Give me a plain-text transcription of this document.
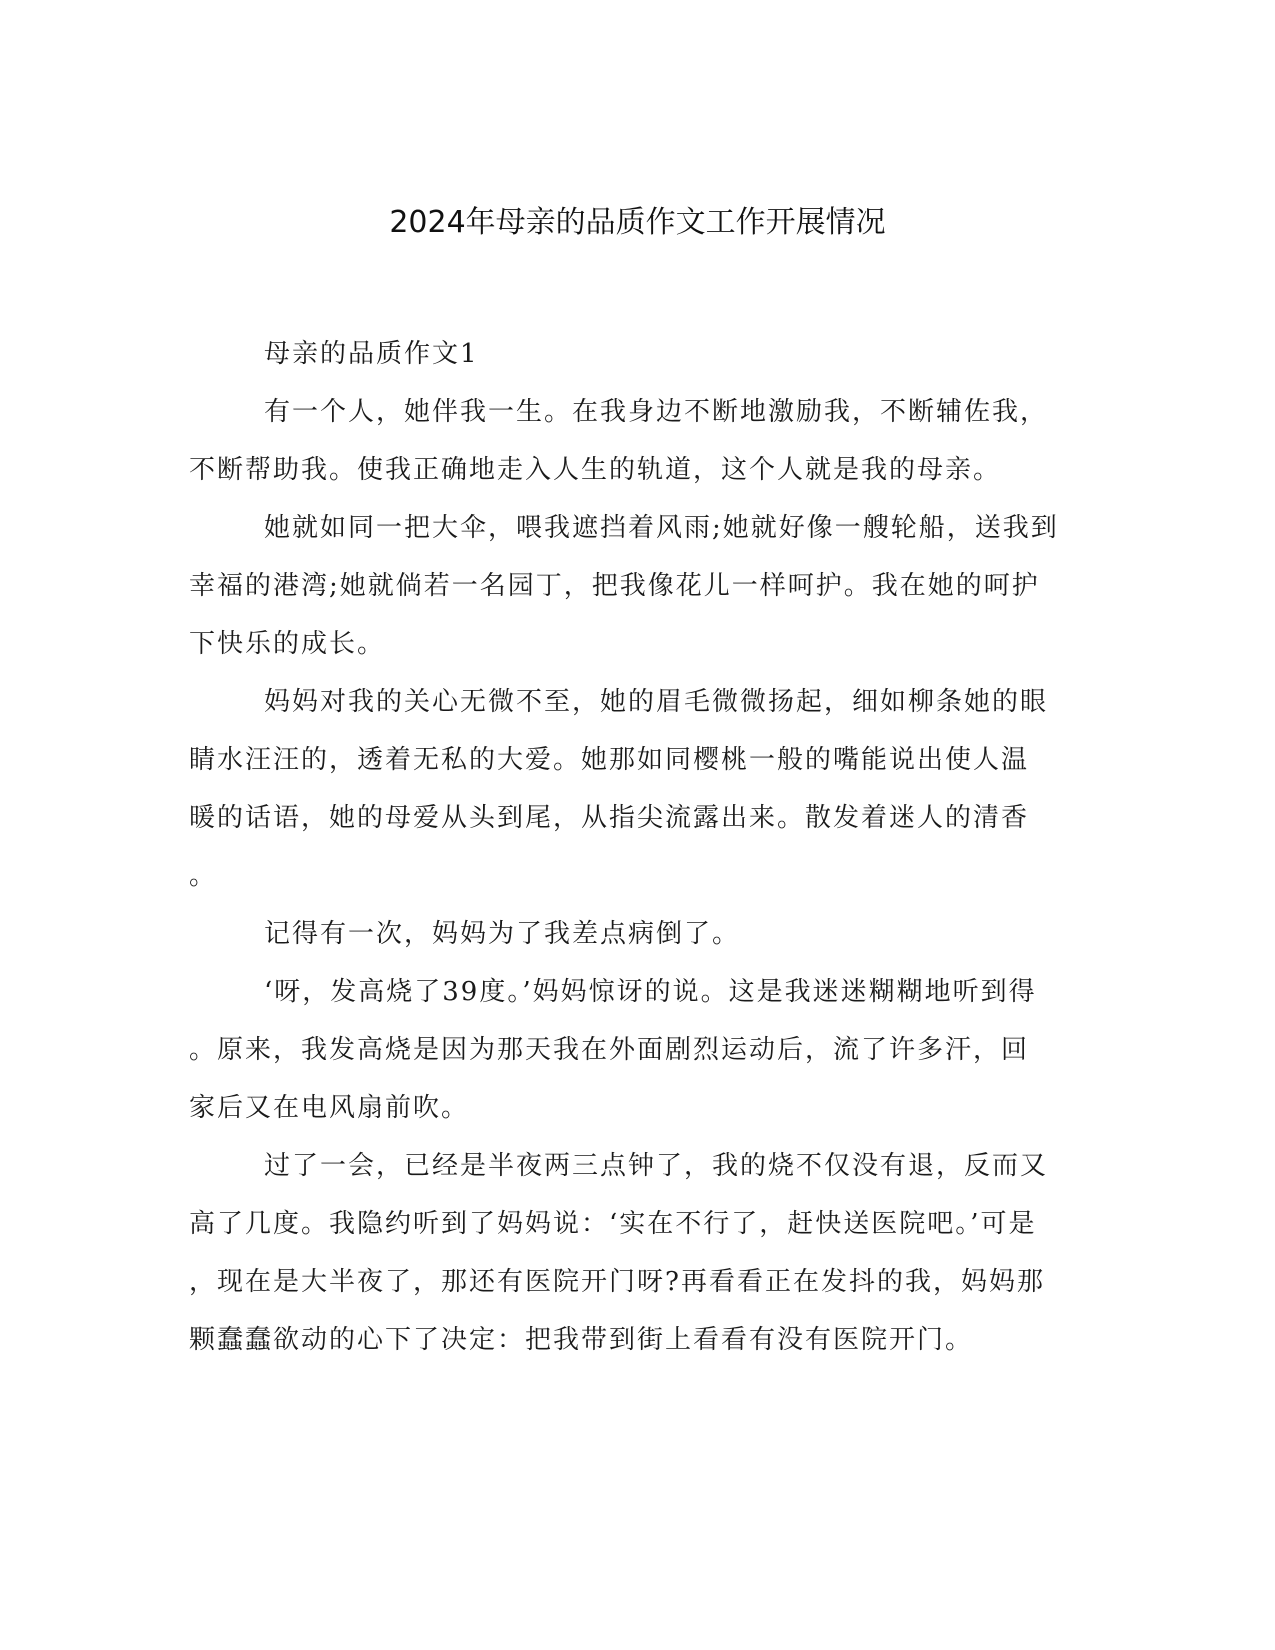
2024年母亲的品质作文工作开展情况
母亲的品质作文1
有一个人，她伴我一生。在我身边不断地激励我，不断辅佐我，
不断帮助我。使我正确地走入人生的轨道，这个人就是我的母亲。
她就如同一把大伞，喂我遮挡着风雨;她就好像一艘轮船，送我到
幸福的港湾;她就倘若一名园丁，把我像花儿一样呵护。我在她的呵护
下快乐的成长。
妈妈对我的关心无微不至，她的眉毛微微扬起，细如柳条她的眼
睛水汪汪的，透着无私的大爱。她那如同樱桃一般的嘴能说出使人温
暖的话语，她的母爱从头到尾，从指尖流露出来。散发着迷人的清香
。
记得有一次，妈妈为了我差点病倒了。
‘呀，发高烧了39度。’妈妈惊讶的说。这是我迷迷糊糊地听到得
。原来，我发高烧是因为那天我在外面剧烈运动后，流了许多汗，回
家后又在电风扇前吹。
过了一会，已经是半夜两三点钟了，我的烧不仅没有退，反而又
高了几度。我隐约听到了妈妈说：‘实在不行了，赶快送医院吧。’可是
，现在是大半夜了，那还有医院开门呀?再看看正在发抖的我，妈妈那
颗蠢蠢欲动的心下了决定：把我带到街上看看有没有医院开门。
